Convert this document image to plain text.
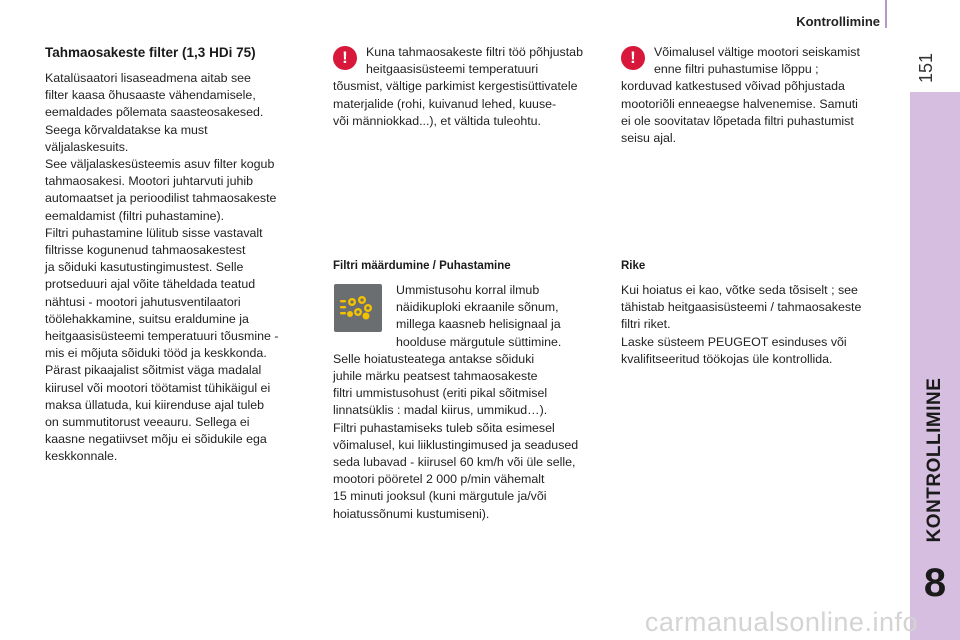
Kontrollimine
151
KONTROLLIMINE
8
Tahmaosakeste filter (1,3 HDi 75)

Katalüsaatori lisaseadmena aitab see
filter kaasa õhusaaste vähendamisele,
eemaldades põlemata saasteosakesed.
Seega kõrvaldatakse ka must
väljalaskesuits.
See väljalaskesüsteemis asuv filter kogub
tahmaosakesi. Mootori juhtarvuti juhib
automaatset ja perioodilist tahmaosakeste
eemaldamist (filtri puhastamine).
Filtri puhastamine lülitub sisse vastavalt
filtrisse kogunenud tahmaosakestest
ja sõiduki kasutustingimustest. Selle
protseduuri ajal võite täheldada teatud
nähtusi - mootori jahutusventilaatori
töölehakkamine, suitsu eraldumine ja
heitgaasisüsteemi temperatuuri tõusmine -
mis ei mõjuta sõiduki tööd ja keskkonda.
Pärast pikaajalist sõitmist väga madalal
kiirusel või mootori töötamist tühikäigul ei
maksa üllatuda, kui kiirenduse ajal tuleb
on summutitorust veeauru. Sellega ei
kaasne negatiivset mõju ei sõidukile ega
keskkonnale.

!	Kuna tahmaosakeste filtri töö põhjustab
heitgaasisüsteemi temperatuuri
tõusmist, vältige parkimist kergestisüttivatele
materjalide (rohi, kuivanud lehed, kuuse-
või männiokkad...), et vältida tuleohtu.

Filtri määrdumine / Puhastamine

Ummistusohu korral ilmub
näidikuploki ekraanile sõnum,
millega kaasneb helisignaal ja
hoolduse märgutule süttimine.
Selle hoiatusteatega antakse sõiduki
juhile märku peatsest tahmaosakeste
filtri ummistusohust (eriti pikal sõitmisel
linnatsüklis : madal kiirus, ummikud…).
Filtri puhastamiseks tuleb sõita esimesel
võimalusel, kui liiklustingimused ja seadused
seda lubavad - kiirusel 60 km/h või üle selle,
mootori pööretel 2 000 p/min vähemalt
15 minuti jooksul (kuni märgutule ja/või
hoiatussõnumi kustumiseni).

!	Võimalusel vältige mootori seiskamist
enne filtri puhastumise lõppu ;
korduvad katkestused võivad põhjustada
mootoriõli enneaegse halvenemise. Samuti
ei ole soovitatav lõpetada filtri puhastumist
seisu ajal.

Rike

Kui hoiatus ei kao, võtke seda tõsiselt ; see
tähistab heitgaasisüsteemi / tahmaosakeste
filtri riket.
Laske süsteem PEUGEOT esinduses või
kvalifitseeritud töökojas üle kontrollida.

carmanualsonline.info
